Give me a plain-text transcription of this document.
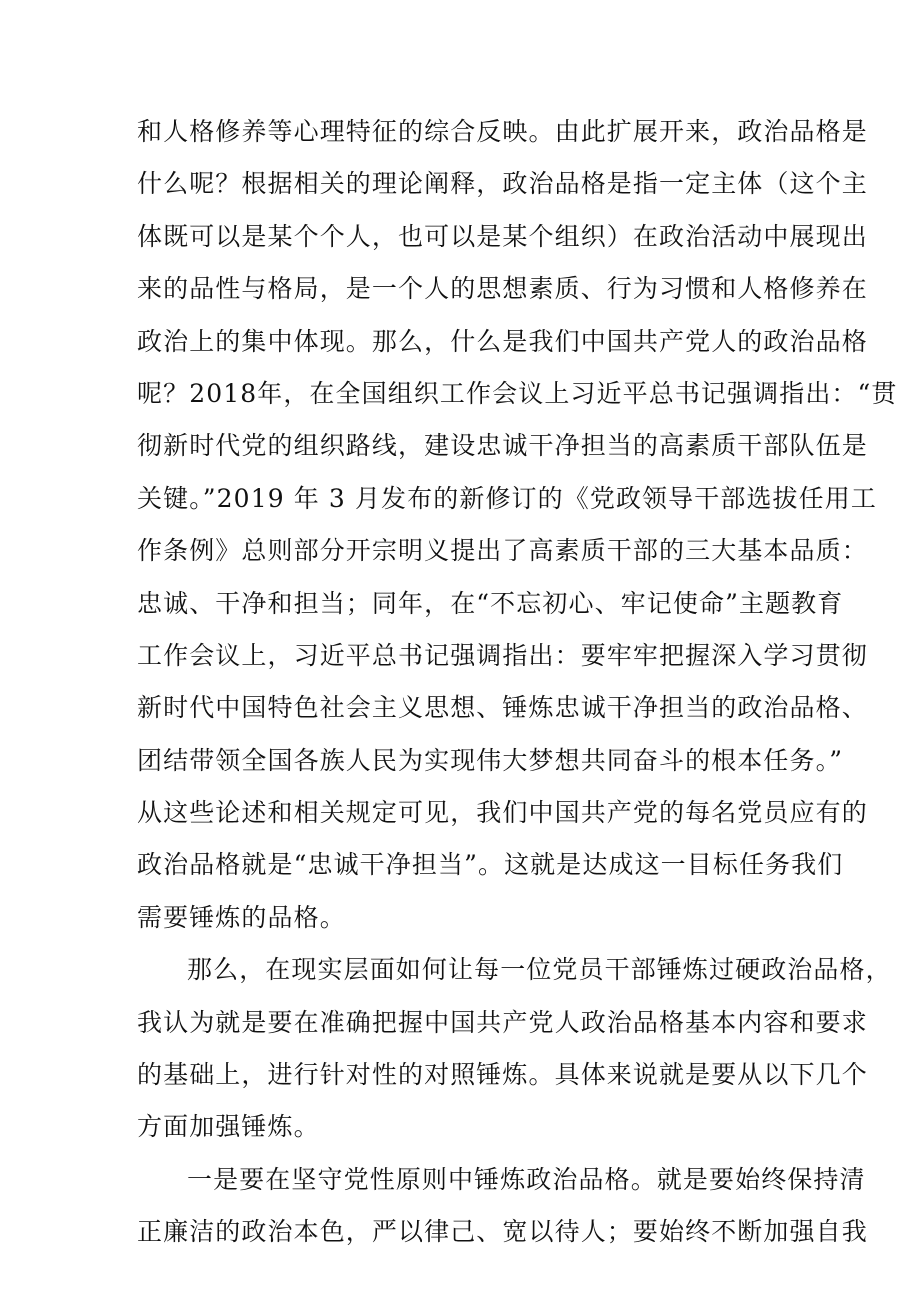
和人格修养等心理特征的综合反映。由此扩展开来，政治品格是
什么呢？根据相关的理论阐释，政治品格是指一定主体（这个主
体既可以是某个个人，也可以是某个组织）在政治活动中展现出
来的品性与格局，是一个人的思想素质、行为习惯和人格修养在
政治上的集中体现。那么，什么是我们中国共产党人的政治品格
呢？2018年，在全国组织工作会议上习近平总书记强调指出：“贯
彻新时代党的组织路线，建设忠诚干净担当的高素质干部队伍是
关键。”2019 年 3 月发布的新修订的《党政领导干部选拔任用工
作条例》总则部分开宗明义提出了高素质干部的三大基本品质：
忠诚、干净和担当；同年，在“不忘初心、牢记使命”主题教育
工作会议上，习近平总书记强调指出：要牢牢把握深入学习贯彻
新时代中国特色社会主义思想、锤炼忠诚干净担当的政治品格、
团结带领全国各族人民为实现伟大梦想共同奋斗的根本任务。”
从这些论述和相关规定可见，我们中国共产党的每名党员应有的
政治品格就是“忠诚干净担当”。这就是达成这一目标任务我们
需要锤炼的品格。
那么，在现实层面如何让每一位党员干部锤炼过硬政治品格，
我认为就是要在准确把握中国共产党人政治品格基本内容和要求
的基础上，进行针对性的对照锤炼。具体来说就是要从以下几个
方面加强锤炼。
一是要在坚守党性原则中锤炼政治品格。就是要始终保持清
正廉洁的政治本色，严以律己、宽以待人；要始终不断加强自我
